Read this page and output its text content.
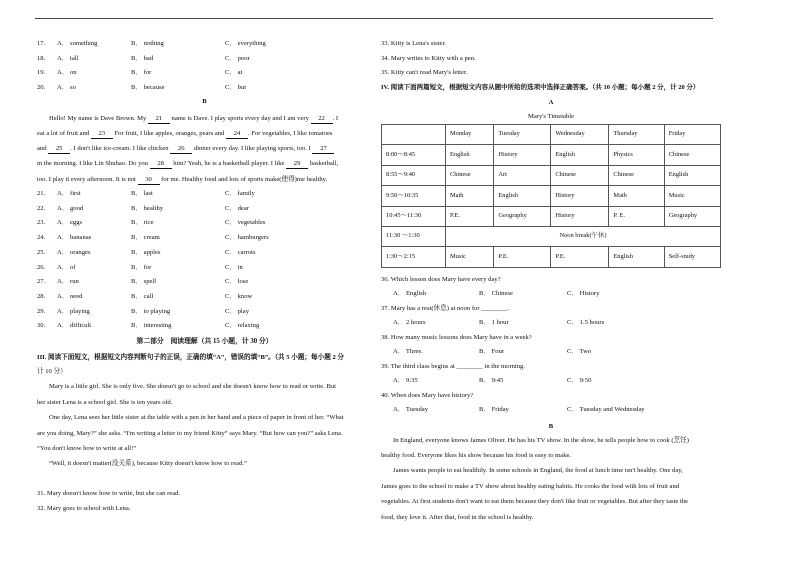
17. A． something	B． nothing	C． everything
18. A． tall	B． bad	C． poor
19. A． on	B． for	C． at
20. A． so	B． because	C． but
B
Hello! My name is Dave Brown. My 21 name is Dave. I play sports every day and I am very 22 . I
eat a lot of fruit and 23 For fruit, I like apples, oranges, pears and 24 . For vegetables, I like tomatoes
and 25 . I don't like ice-cream. I like chicken 26 dinner every day. I like playing sports, too. I 27
in the morning. I like Lin Shuhao. Do you 28 him? Yeah, he is a basketball player. I like 29 basketball,
too. I play it every afternoon. It is not 30 for me. Healthy food and lots of sports make(使得)me healthy.
21. A． first	B． last	C． family
22. A． good	B． healthy	C． dear
23. A． eggs	B． rice	C． vegetables
24. A． bananas	B． cream	C． hamburgers
25. A． oranges	B． apples	C． carrots
26. A． of	B． for	C． in
27. A． run	B． spell	C． lose
28. A． need	B． call	C． know
29. A． playing	B． to playing	C． play
30. A． difficult	B． interesting	C． relaxing
第二部分　阅读理解（共 15 小题，计 30 分）
III. 阅读下面短文，根据短文内容判断句子的正误，正确的填“A”，错误的填“B”。（共 5 小题；每小题 2 分
计 10 分）
Mary is a little girl. She is only five. She doesn't go to school and she doesn't know how to read or write. But
her sister Lena is a school girl. She is ten years old.
One day, Lena sees her little sister at the table with a pen in her hand and a piece of paper in front of her. “What
are you doing, Mary?” she asks. “I'm writing a letter to my friend Kitty” says Mary. “But how can you?” asks Lena.
“You don't know how to write at all!”
“Well, it doesn't matter(没关系), because Kitty doesn't know how to read.”
31. Mary doesn't know how to write, but she can read.
32. Mary goes to school with Lena.
33. Kitty is Lena's sister.
34. Mary writes to Kitty with a pen.
35. Kitty can't read Mary's letter.
IV. 阅读下面两篇短文，根据短文内容从题中所给的选项中选择正确答案。（共 10 小题；每小题 2 分，计 20 分）
A
Mary's Timetable
	Monday	Tuesday	Wednesday	Thursday	Friday
8:00～8:45	English	History	English	Physics	Chinese
8:55～9:40	Chinese	Art	Chinese	Chinese	English
9:50～10:35	Math	English	History	Math	Music
10:45～11:30	P.E.	Geography	History	P. E.	Geography
11:30 ～1:30	Noon break(午休)				
1:30～2:15	Music	P.E.	P.E.	English	Self-study
36. Which lesson does Mary have every day?
A． English	B． Chinese	C． History
37. Mary has a rest(休息) at noon for ________.
A． 2 hours	B． 1 hour	C． 1.5 hours
38. How many music lessons does Mary have in a week?
A． Three.	B． Four	C． Two
39. The third class begins at ________ in the morning.
A． 9:35	B． 9:45	C． 9:50
40. When does Mary have history?
A． Tuesday	B． Friday	C． Tuesday and Wednesday
B
In England, everyone knows James Oliver. He has his TV show. In the show, he tells people how to cook (烹饪)
healthy food. Everyone likes his show because his food is easy to make.
James wants people to eat healthily. In some schools in England, the food at lunch time isn't healthy. One day,
James goes to the school to make a TV show about healthy eating habits. He cooks the food with lots of fruit and
vegetables. At first students don't want to eat them because they don't like fruit or vegetables. But after they taste the
food, they love it. After that, food in the school is healthy.
